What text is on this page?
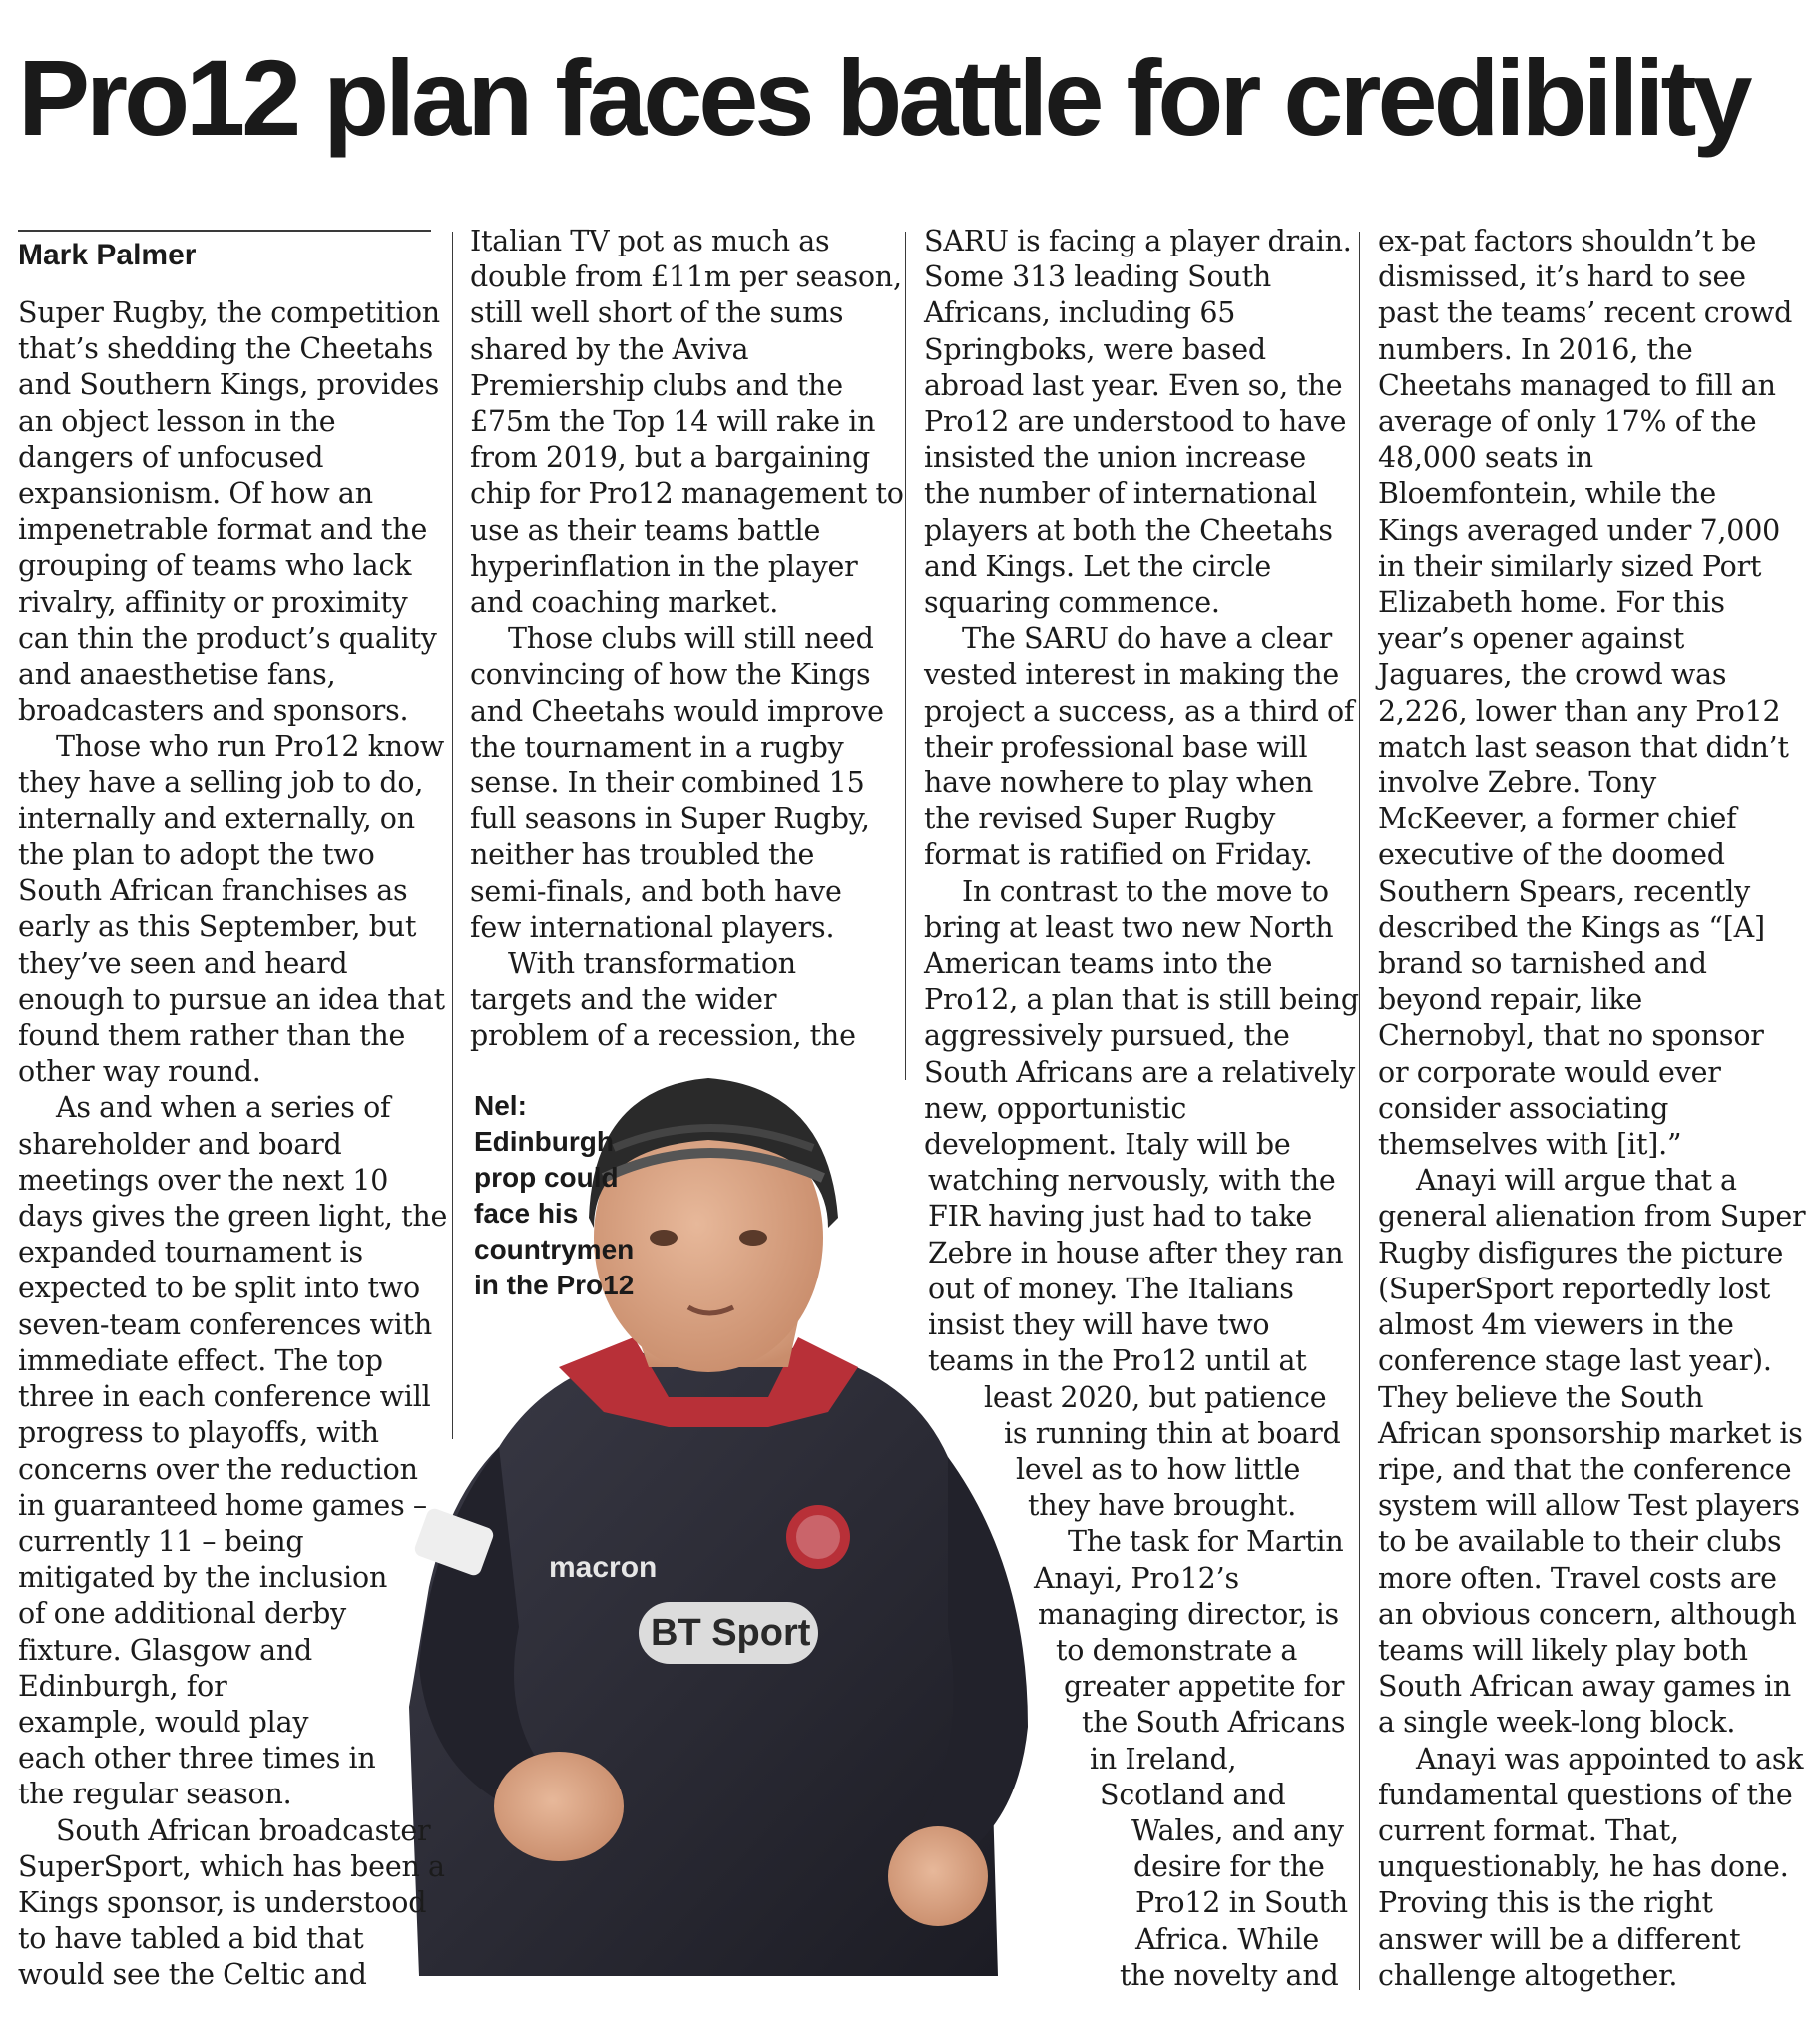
Pro12 plan faces battle for credibility
Mark Palmer
macron
BT Sport
Nel:
Edinburgh
prop could
face his
countrymen
in the Pro12

Super Rugby, the competition

that’s shedding the Cheetahs

and Southern Kings, provides

an object lesson in the

dangers of unfocused

expansionism. Of how an

impenetrable format and the

grouping of teams who lack

rivalry, affinity or proximity

can thin the product’s quality

and anaesthetise fans,

broadcasters and sponsors.

Those who run Pro12 know

they have a selling job to do,

internally and externally, on

the plan to adopt the two

South African franchises as

early as this September, but

they’ve seen and heard

enough to pursue an idea that

found them rather than the

other way round.

As and when a series of

shareholder and board

meetings over the next 10

days gives the green light, the

expanded tournament is

expected to be split into two

seven-team conferences with

immediate effect. The top

three in each conference will

progress to playoffs, with

concerns over the reduction

in guaranteed home games –

currently 11 – being

mitigated by the inclusion

of one additional derby

fixture. Glasgow and

Edinburgh, for

example, would play

each other three times in

the regular season.

South African broadcaster

SuperSport, which has been a

Kings sponsor, is understood

to have tabled a bid that

would see the Celtic and

Italian TV pot as much as

double from £11m per season,

still well short of the sums

shared by the Aviva

Premiership clubs and the

£75m the Top 14 will rake in

from 2019, but a bargaining

chip for Pro12 management to

use as their teams battle

hyperinflation in the player

and coaching market.

Those clubs will still need

convincing of how the Kings

and Cheetahs would improve

the tournament in a rugby

sense. In their combined 15

full seasons in Super Rugby,

neither has troubled the

semi-finals, and both have

few international players.

With transformation

targets and the wider

problem of a recession, the

SARU is facing a player drain.

Some 313 leading South

Africans, including 65

Springboks, were based

abroad last year. Even so, the

Pro12 are understood to have

insisted the union increase

the number of international

players at both the Cheetahs

and Kings. Let the circle

squaring commence.

The SARU do have a clear

vested interest in making the

project a success, as a third of

their professional base will

have nowhere to play when

the revised Super Rugby

format is ratified on Friday.

In contrast to the move to

bring at least two new North

American teams into the

Pro12, a plan that is still being

aggressively pursued, the

South Africans are a relatively

new, opportunistic

development. Italy will be

watching nervously, with the

FIR having just had to take

Zebre in house after they ran

out of money. The Italians

insist they will have two

teams in the Pro12 until at

least 2020, but patience

is running thin at board

level as to how little

they have brought.

The task for Martin

Anayi, Pro12’s

managing director, is

to demonstrate a

greater appetite for

the South Africans

in Ireland,

Scotland and

Wales, and any

desire for the

Pro12 in South

Africa. While

the novelty and

ex-pat factors shouldn’t be

dismissed, it’s hard to see

past the teams’ recent crowd

numbers. In 2016, the

Cheetahs managed to fill an

average of only 17% of the

48,000 seats in

Bloemfontein, while the

Kings averaged under 7,000

in their similarly sized Port

Elizabeth home. For this

year’s opener against

Jaguares, the crowd was

2,226, lower than any Pro12

match last season that didn’t

involve Zebre. Tony

McKeever, a former chief

executive of the doomed

Southern Spears, recently

described the Kings as “[A]

brand so tarnished and

beyond repair, like

Chernobyl, that no sponsor

or corporate would ever

consider associating

themselves with [it].”

Anayi will argue that a

general alienation from Super

Rugby disfigures the picture

(SuperSport reportedly lost

almost 4m viewers in the

conference stage last year).

They believe the South

African sponsorship market is

ripe, and that the conference

system will allow Test players

to be available to their clubs

more often. Travel costs are

an obvious concern, although

teams will likely play both

South African away games in

a single week-long block.

Anayi was appointed to ask

fundamental questions of the

current format. That,

unquestionably, he has done.

Proving this is the right

answer will be a different

challenge altogether.
